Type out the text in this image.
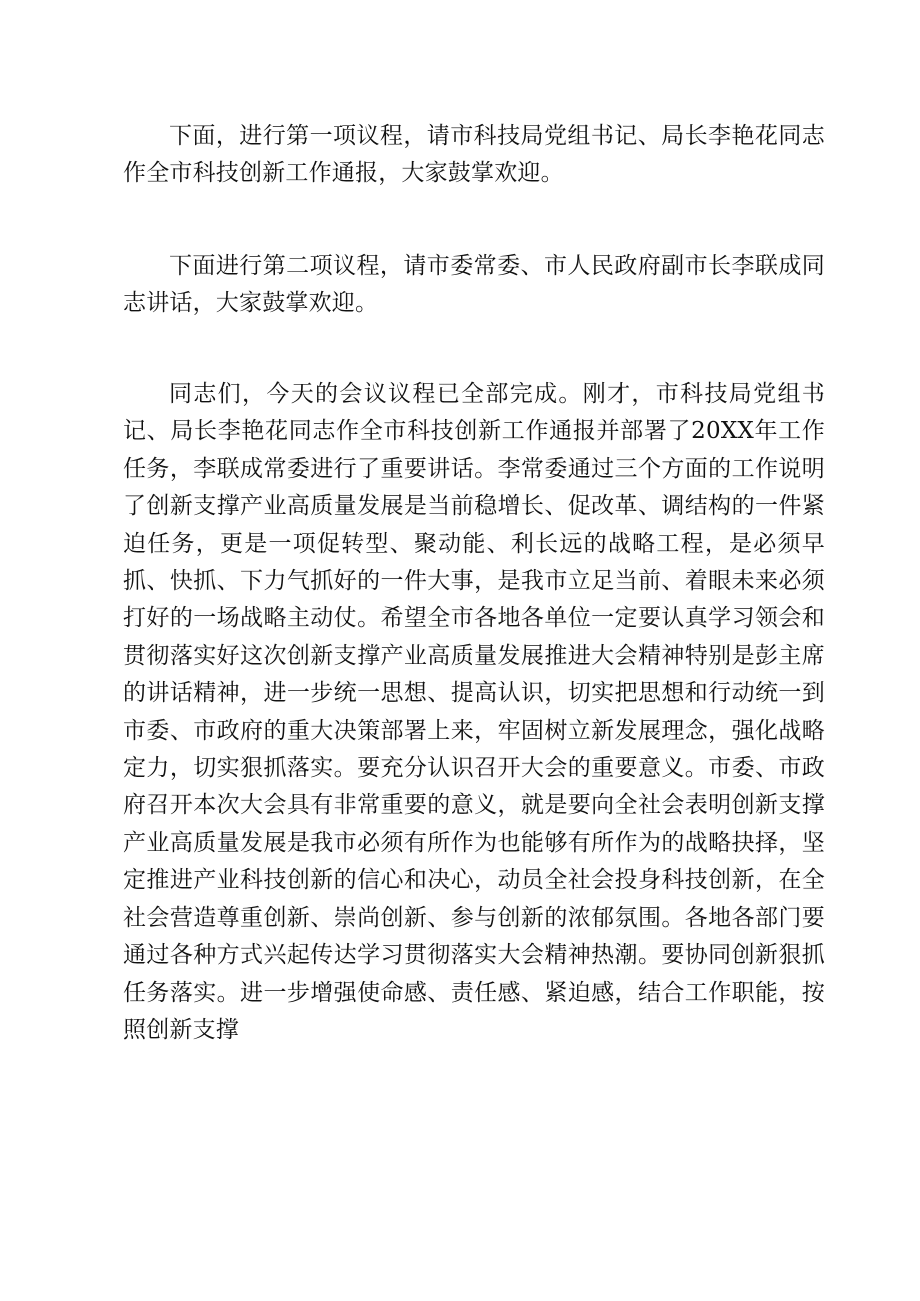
下面，进行第一项议程，请市科技局党组书记、局长李艳花同志作全市科技创新工作通报，大家鼓掌欢迎。

下面进行第二项议程，请市委常委、市人民政府副市长李联成同志讲话，大家鼓掌欢迎。

同志们，今天的会议议程已全部完成。刚才，市科技局党组书记、局长李艳花同志作全市科技创新工作通报并部署了20XX年工作任务，李联成常委进行了重要讲话。李常委通过三个方面的工作说明了创新支撑产业高质量发展是当前稳增长、促改革、调结构的一件紧迫任务，更是一项促转型、聚动能、利长远的战略工程，是必须早抓、快抓、下力气抓好的一件大事，是我市立足当前、着眼未来必须打好的一场战略主动仗。希望全市各地各单位一定要认真学习领会和贯彻落实好这次创新支撑产业高质量发展推进大会精神特别是彭主席的讲话精神，进一步统一思想、提高认识，切实把思想和行动统一到市委、市政府的重大决策部署上来，牢固树立新发展理念，强化战略定力，切实狠抓落实。要充分认识召开大会的重要意义。市委、市政府召开本次大会具有非常重要的意义，就是要向全社会表明创新支撑产业高质量发展是我市必须有所作为也能够有所作为的战略抉择，坚定推进产业科技创新的信心和决心，动员全社会投身科技创新，在全社会营造尊重创新、崇尚创新、参与创新的浓郁氛围。各地各部门要通过各种方式兴起传达学习贯彻落实大会精神热潮。要协同创新狠抓任务落实。进一步增强使命感、责任感、紧迫感，结合工作职能，按照创新支撑
